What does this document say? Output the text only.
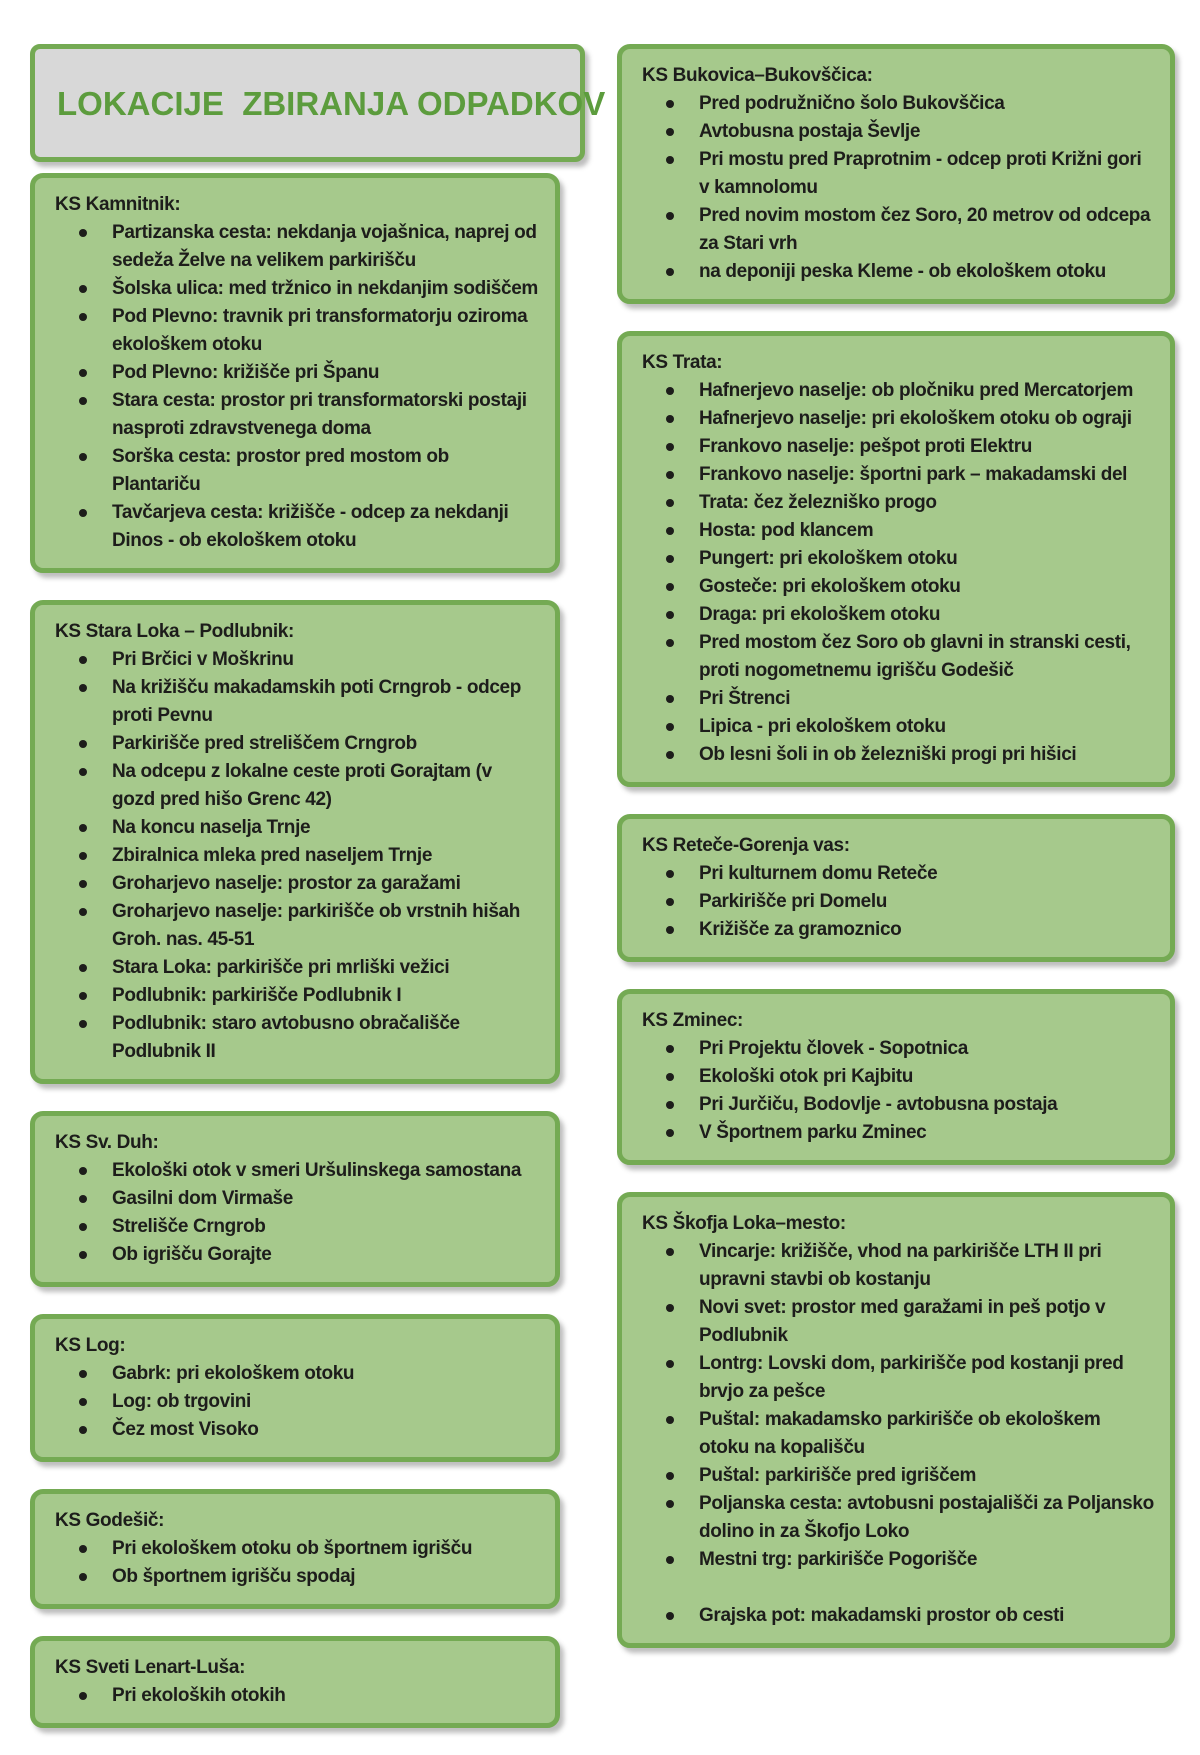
LOKACIJE  ZBIRANJA ODPADKOV
KS Kamnitnik:
Partizanska cesta: nekdanja vojašnica, naprej od sedeža Želve na velikem parkirišču
Šolska ulica: med tržnico in nekdanjim sodiščem
Pod Plevno: travnik pri transformatorju oziroma ekološkem otoku
Pod Plevno: križišče pri Španu
Stara cesta: prostor pri transformatorski postaji nasproti zdravstvenega doma
Sorška cesta: prostor pred mostom ob Plantariču
Tavčarjeva cesta: križišče - odcep za nekdanji Dinos - ob ekološkem otoku
KS Stara Loka – Podlubnik:
Pri Brčici v Moškrinu
Na križišču makadamskih poti Crngrob - odcep proti Pevnu
Parkirišče pred streliščem Crngrob
Na odcepu z lokalne ceste proti Gorajtam (v gozd pred hišo Grenc 42)
Na koncu naselja Trnje
Zbiralnica mleka pred naseljem Trnje
Groharjevo naselje: prostor za garažami
Groharjevo naselje: parkirišče ob vrstnih hišah Groh. nas. 45-51
Stara Loka: parkirišče pri mrliški vežici
Podlubnik: parkirišče Podlubnik I
Podlubnik: staro avtobusno obračališče Podlubnik II
KS Sv. Duh:
Ekološki otok v smeri Uršulinskega samostana
Gasilni dom Virmaše
Strelišče Crngrob
Ob igrišču Gorajte
KS Log:
Gabrk: pri ekološkem otoku
Log: ob trgovini
Čez most Visoko
KS Godešič:
Pri ekološkem otoku ob športnem igrišču
Ob športnem igrišču spodaj
KS Sveti Lenart-Luša:
Pri ekoloških otokih
KS Bukovica–Bukovščica:
Pred podružnično šolo Bukovščica
Avtobusna postaja Ševlje
Pri mostu pred Praprotnim - odcep proti Križni gori v kamnolomu
Pred novim mostom čez Soro, 20 metrov od odcepa za Stari vrh
na deponiji peska Kleme - ob ekološkem otoku
KS Trata:
Hafnerjevo naselje: ob pločniku pred Mercatorjem
Hafnerjevo naselje: pri ekološkem otoku ob ograji
Frankovo naselje: pešpot proti Elektru
Frankovo naselje: športni park – makadamski del
Trata: čez železniško progo
Hosta: pod klancem
Pungert: pri ekološkem otoku
Gosteče: pri ekološkem otoku
Draga: pri ekološkem otoku
Pred mostom čez Soro ob glavni in stranski cesti, proti nogometnemu igrišču Godešič
Pri Štrenci
Lipica - pri ekološkem otoku
Ob lesni šoli in ob železniški progi pri hišici
KS Reteče-Gorenja vas:
Pri kulturnem domu Reteče
Parkirišče pri Domelu
Križišče za gramoznico
KS Zminec:
Pri Projektu človek - Sopotnica
Ekološki otok pri Kajbitu
Pri Jurčiču, Bodovlje - avtobusna postaja
V Športnem parku Zminec
KS Škofja Loka–mesto:
Vincarje: križišče, vhod na parkirišče LTH II pri upravni stavbi ob kostanju
Novi svet: prostor med garažami in peš potjo v Podlubnik
Lontrg: Lovski dom, parkirišče pod kostanji pred brvjo za pešce
Puštal: makadamsko parkirišče ob ekološkem otoku na kopališču
Puštal: parkirišče pred igriščem
Poljanska cesta: avtobusni postajališči za Poljansko dolino in za Škofjo Loko
Mestni trg: parkirišče Pogorišče
Grajska pot: makadamski prostor ob cesti
